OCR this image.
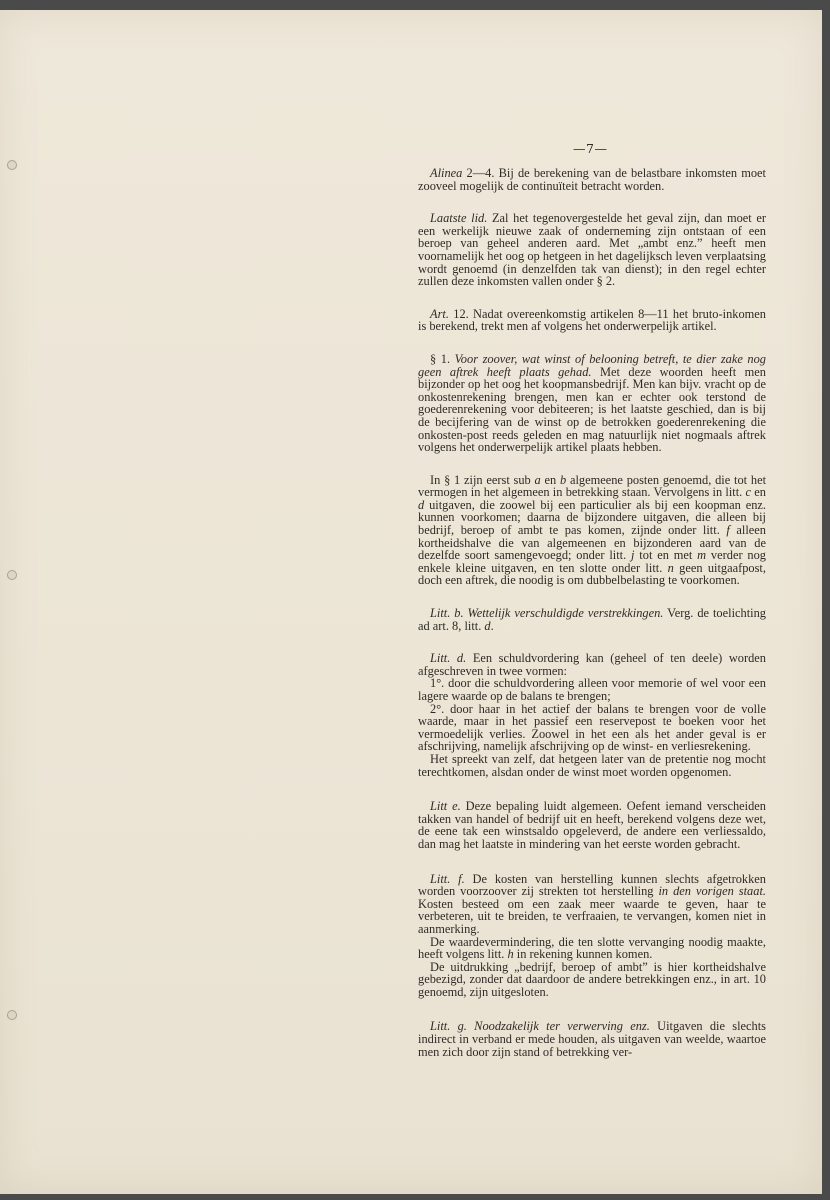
—7—

Alinea 2—4. Bij de berekening van de belastbare inkomsten moet zooveel mogelijk de continuïteit betracht worden.

Laatste lid. Zal het tegenovergestelde het geval zijn, dan moet er een werkelijk nieuwe zaak of onderneming zijn ontstaan of een beroep van geheel anderen aard. Met „ambt enz.” heeft men voornamelijk het oog op hetgeen in het dagelijksch leven verplaatsing wordt genoemd (in denzelfden tak van dienst); in den regel echter zullen deze inkomsten vallen onder § 2.

Art. 12. Nadat overeenkomstig artikelen 8—11 het bruto-inkomen is berekend, trekt men af volgens het onderwerpelijk artikel.

§ 1. Voor zoover, wat winst of belooning betreft, te dier zake nog geen aftrek heeft plaats gehad. Met deze woorden heeft men bijzonder op het oog het koopmansbedrijf. Men kan bijv. vracht op de onkostenrekening brengen, men kan er echter ook terstond de goederenrekening voor debiteeren; is het laatste geschied, dan is bij de becijfering van de winst op de betrokken goederenrekening die onkosten-post reeds geleden en mag natuurlijk niet nogmaals aftrek volgens het onderwerpelijk artikel plaats hebben.

In § 1 zijn eerst sub a en b algemeene posten genoemd, die tot het vermogen in het algemeen in betrekking staan. Vervolgens in litt. c en d uitgaven, die zoowel bij een particulier als bij een koopman enz. kunnen voorkomen; daarna de bijzondere uitgaven, die alleen bij bedrijf, beroep of ambt te pas komen, zijnde onder litt. f alleen kortheidshalve die van algemeenen en bijzonderen aard van de dezelfde soort samengevoegd; onder litt. j tot en met m verder nog enkele kleine uitgaven, en ten slotte onder litt. n geen uitgaafpost, doch een aftrek, die noodig is om dubbelbelasting te voorkomen.

Litt. b. Wettelijk verschuldigde verstrekkingen. Verg. de toelichting ad art. 8, litt. d.

Litt. d. Een schuldvordering kan (geheel of ten deele) worden afgeschreven in twee vormen:
1°. door die schuldvordering alleen voor memorie of wel voor een lagere waarde op de balans te brengen;
2°. door haar in het actief der balans te brengen voor de volle waarde, maar in het passief een reservepost te boeken voor het vermoedelijk verlies. Zoowel in het een als het ander geval is er afschrijving, namelijk afschrijving op de winst- en verliesrekening.
Het spreekt van zelf, dat hetgeen later van de pretentie nog mocht terechtkomen, alsdan onder de winst moet worden opgenomen.

Litt e. Deze bepaling luidt algemeen. Oefent iemand verscheiden takken van handel of bedrijf uit en heeft, berekend volgens deze wet, de eene tak een winstsaldo opgeleverd, de andere een verliessaldo, dan mag het laatste in mindering van het eerste worden gebracht.

Litt. f. De kosten van herstelling kunnen slechts afgetrokken worden voorzoover zij strekten tot herstelling in den vorigen staat. Kosten besteed om een zaak meer waarde te geven, haar te verbeteren, uit te breiden, te verfraaien, te vervangen, komen niet in aanmerking.
De waardevermindering, die ten slotte vervanging noodig maakte, heeft volgens litt. h in rekening kunnen komen.
De uitdrukking „bedrijf, beroep of ambt” is hier kortheidshalve gebezigd, zonder dat daardoor de andere betrekkingen enz., in art. 10 genoemd, zijn uitgesloten.

Litt. g. Noodzakelijk ter verwerving enz. Uitgaven die slechts indirect in verband er mede houden, als uitgaven van weelde, waartoe men zich door zijn stand of betrekking ver-
